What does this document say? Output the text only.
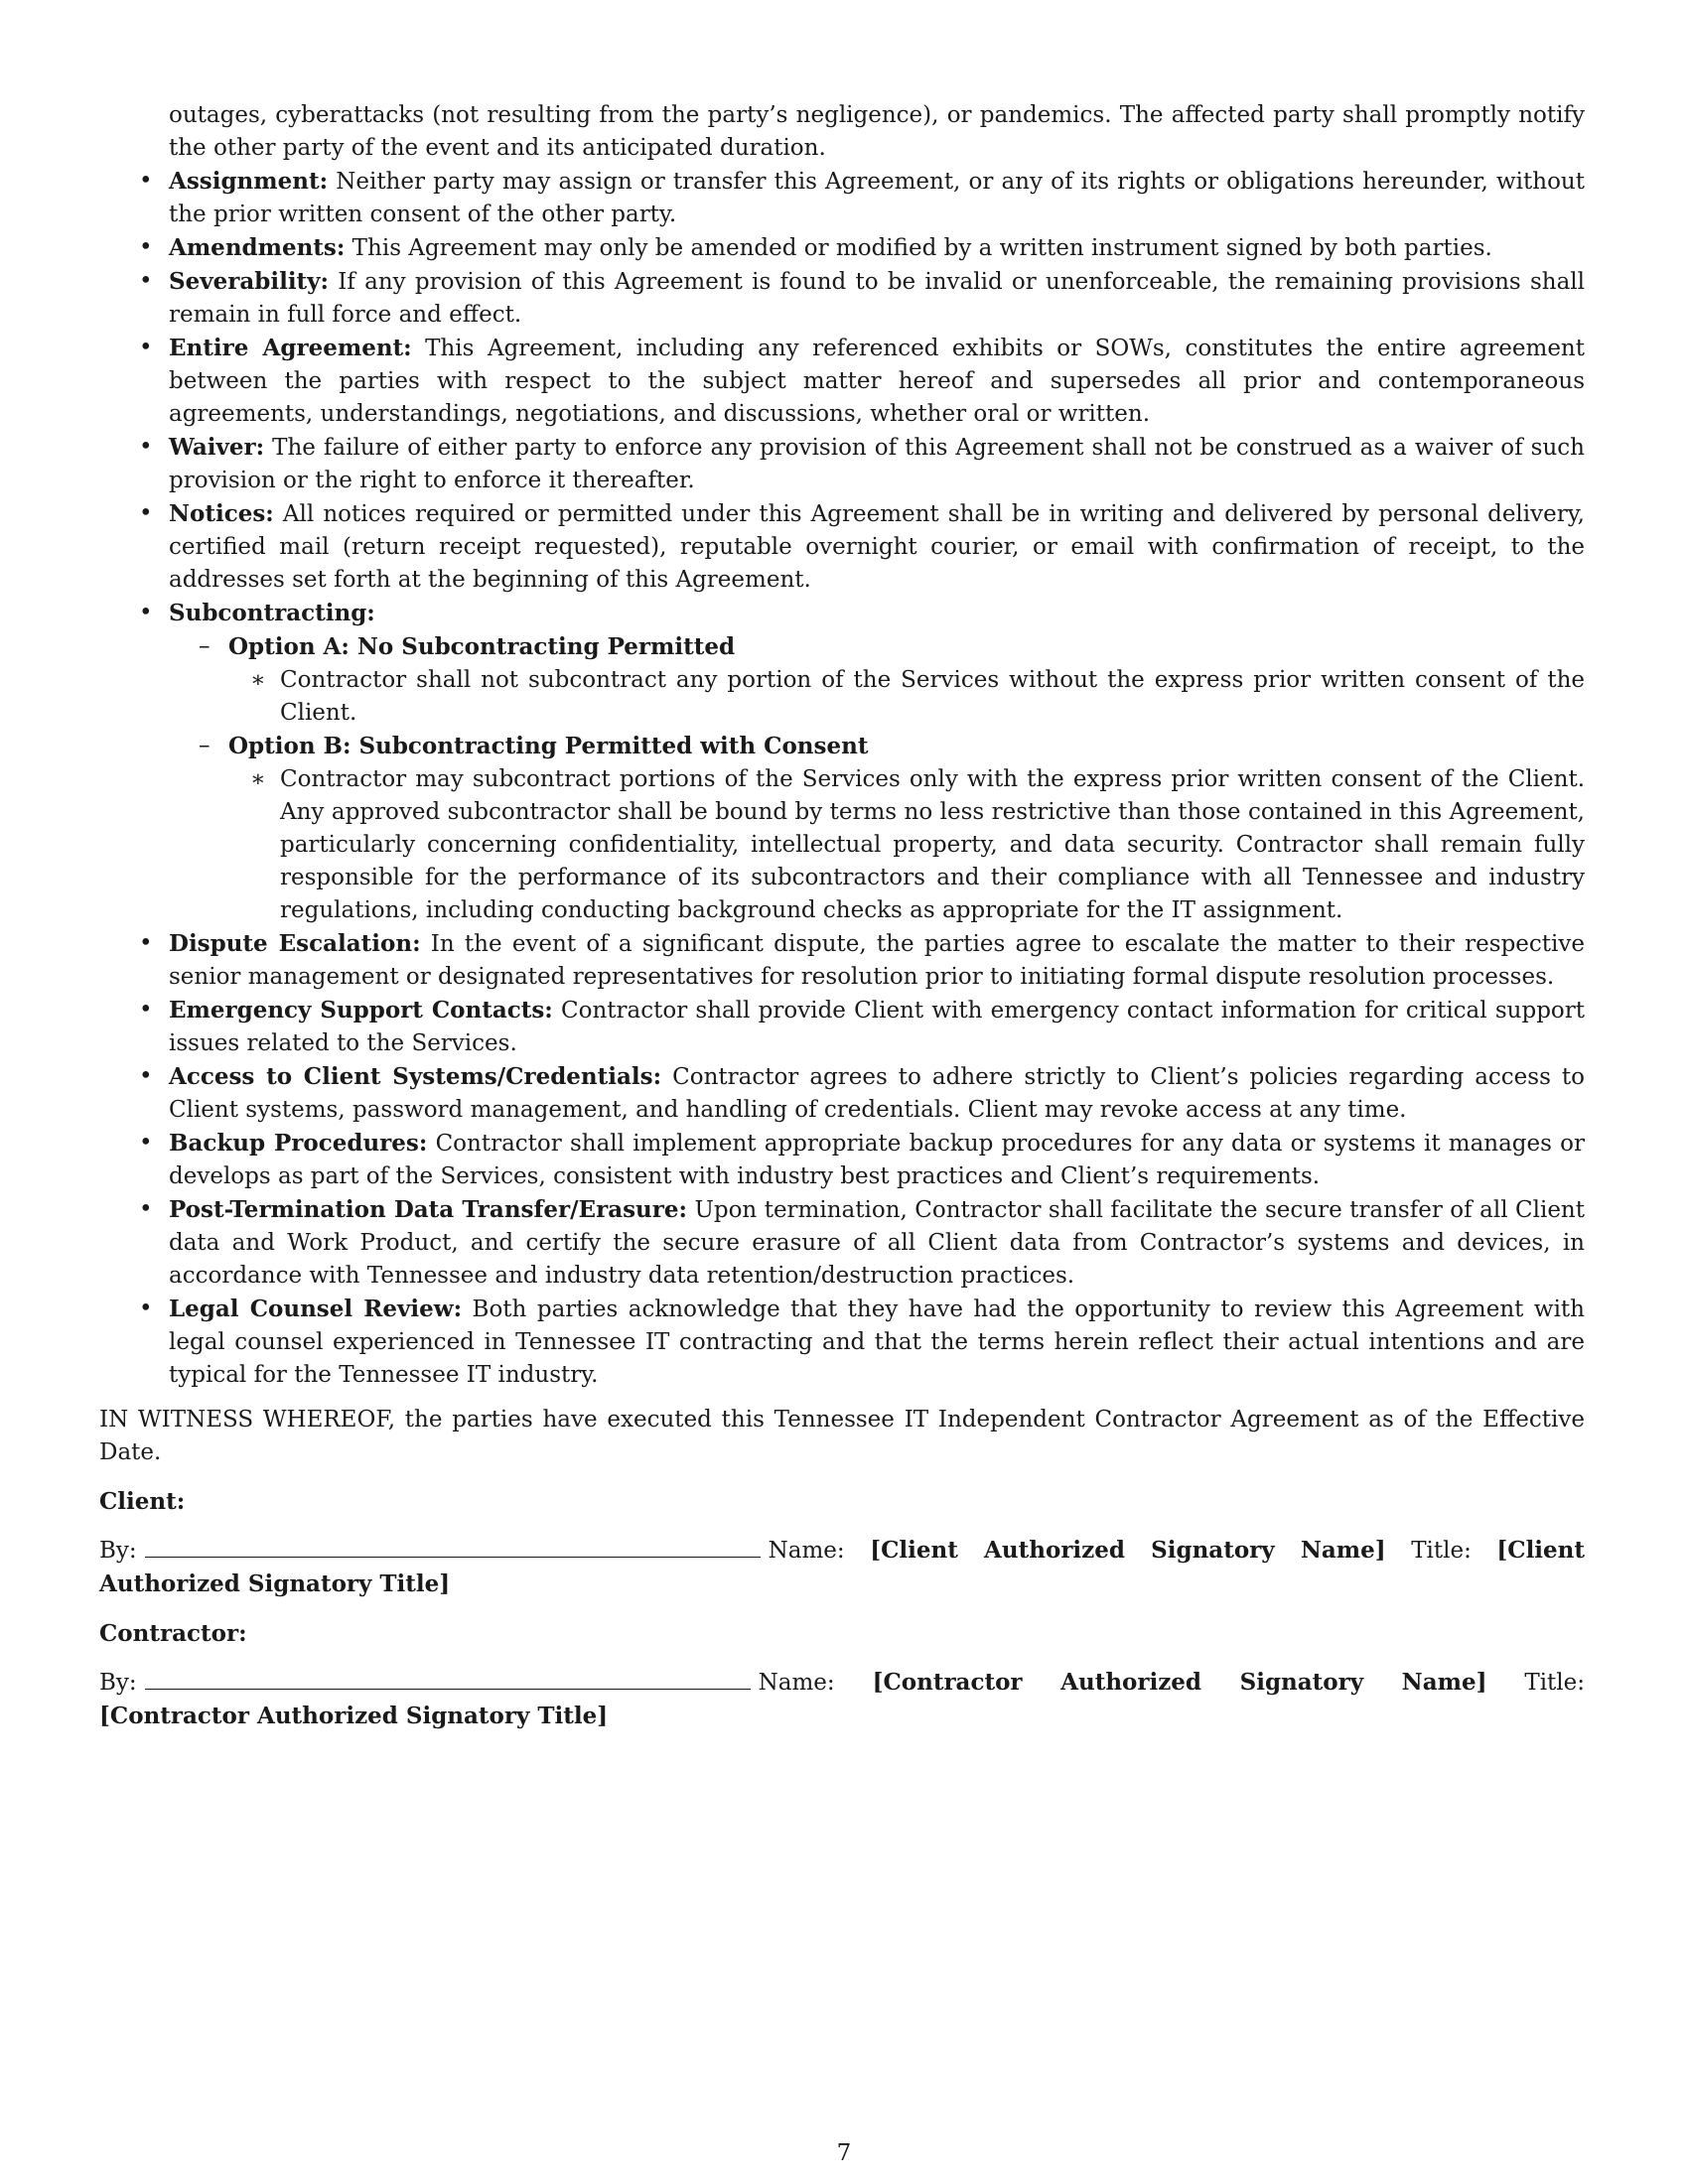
outages, cyberattacks (not resulting from the party’s negligence), or pandemics. The affected party shall promptly notify the other party of the event and its anticipated duration.
• Assignment: Neither party may assign or transfer this Agreement, or any of its rights or obligations hereunder, without the prior written consent of the other party.
• Amendments: This Agreement may only be amended or modified by a written instrument signed by both parties.
• Severability: If any provision of this Agreement is found to be invalid or unenforceable, the remaining provisions shall remain in full force and effect.
• Entire Agreement: This Agreement, including any referenced exhibits or SOWs, constitutes the entire agreement between the parties with respect to the subject matter hereof and supersedes all prior and contemporaneous agreements, understandings, negotiations, and discussions, whether oral or written.
• Waiver: The failure of either party to enforce any provision of this Agreement shall not be construed as a waiver of such provision or the right to enforce it thereafter.
• Notices: All notices required or permitted under this Agreement shall be in writing and delivered by personal delivery, certified mail (return receipt requested), reputable overnight courier, or email with confirmation of receipt, to the addresses set forth at the beginning of this Agreement.
• Subcontracting:
– Option A: No Subcontracting Permitted
∗ Contractor shall not subcontract any portion of the Services without the express prior written consent of the Client.
– Option B: Subcontracting Permitted with Consent
∗ Contractor may subcontract portions of the Services only with the express prior written consent of the Client. Any approved subcontractor shall be bound by terms no less restrictive than those contained in this Agreement, particularly concerning confidentiality, intellectual property, and data security. Contractor shall remain fully responsible for the performance of its subcontractors and their compliance with all Tennessee and industry regulations, including conducting background checks as appropriate for the IT assignment.
• Dispute Escalation: In the event of a significant dispute, the parties agree to escalate the matter to their respective senior management or designated representatives for resolution prior to initiating formal dispute resolution processes.
• Emergency Support Contacts: Contractor shall provide Client with emergency contact information for critical support issues related to the Services.
• Access to Client Systems/Credentials: Contractor agrees to adhere strictly to Client’s policies regarding access to Client systems, password management, and handling of credentials. Client may revoke access at any time.
• Backup Procedures: Contractor shall implement appropriate backup procedures for any data or systems it manages or develops as part of the Services, consistent with industry best practices and Client’s requirements.
• Post-Termination Data Transfer/Erasure: Upon termination, Contractor shall facilitate the secure transfer of all Client data and Work Product, and certify the secure erasure of all Client data from Contractor’s systems and devices, in accordance with Tennessee and industry data retention/destruction practices.
• Legal Counsel Review: Both parties acknowledge that they have had the opportunity to review this Agreement with legal counsel experienced in Tennessee IT contracting and that the terms herein reflect their actual intentions and are typical for the Tennessee IT industry.

IN WITNESS WHEREOF, the parties have executed this Tennessee IT Independent Contractor Agreement as of the Effective Date.

Client:

By:	Name: [Client Authorized Signatory Name] Title: [Client Authorized Signatory Title]

Contractor:

By:	Name: [Contractor Authorized Signatory Name] Title: [Contractor Authorized Signatory Title]

7
